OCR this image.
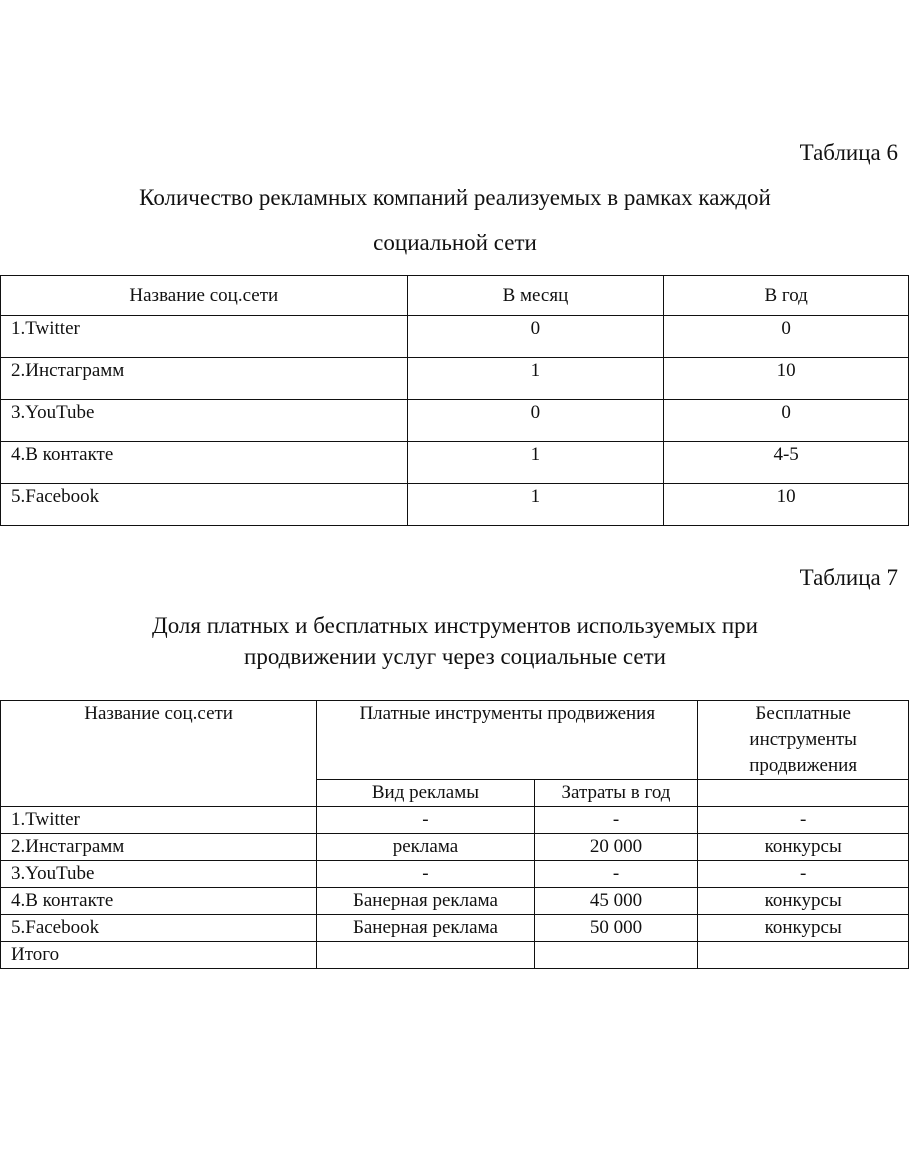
Таблица 6
Количество рекламных компаний реализуемых в рамках каждой
социальной сети
Название соц.сети	В месяц	В год
1.Twitter	0	0
2.Инстаграмм	1	10
3.YouTube	0	0
4.В контакте	1	4-5
5.Facebook	1	10
Таблица 7
Доля платных и бесплатных инструментов используемых при
продвижении услуг через социальные сети
Название соц.сети	Платные инструменты продвижения		Бесплатные
инструменты
продвижения

	Вид рекламы	Затраты в год	
1.Twitter	-	-	-
2.Инстаграмм	реклама	20 000	конкурсы
3.YouTube	-	-	-
4.В контакте	Банерная реклама	45 000	конкурсы
5.Facebook	Банерная реклама	50 000	конкурсы
Итого			
